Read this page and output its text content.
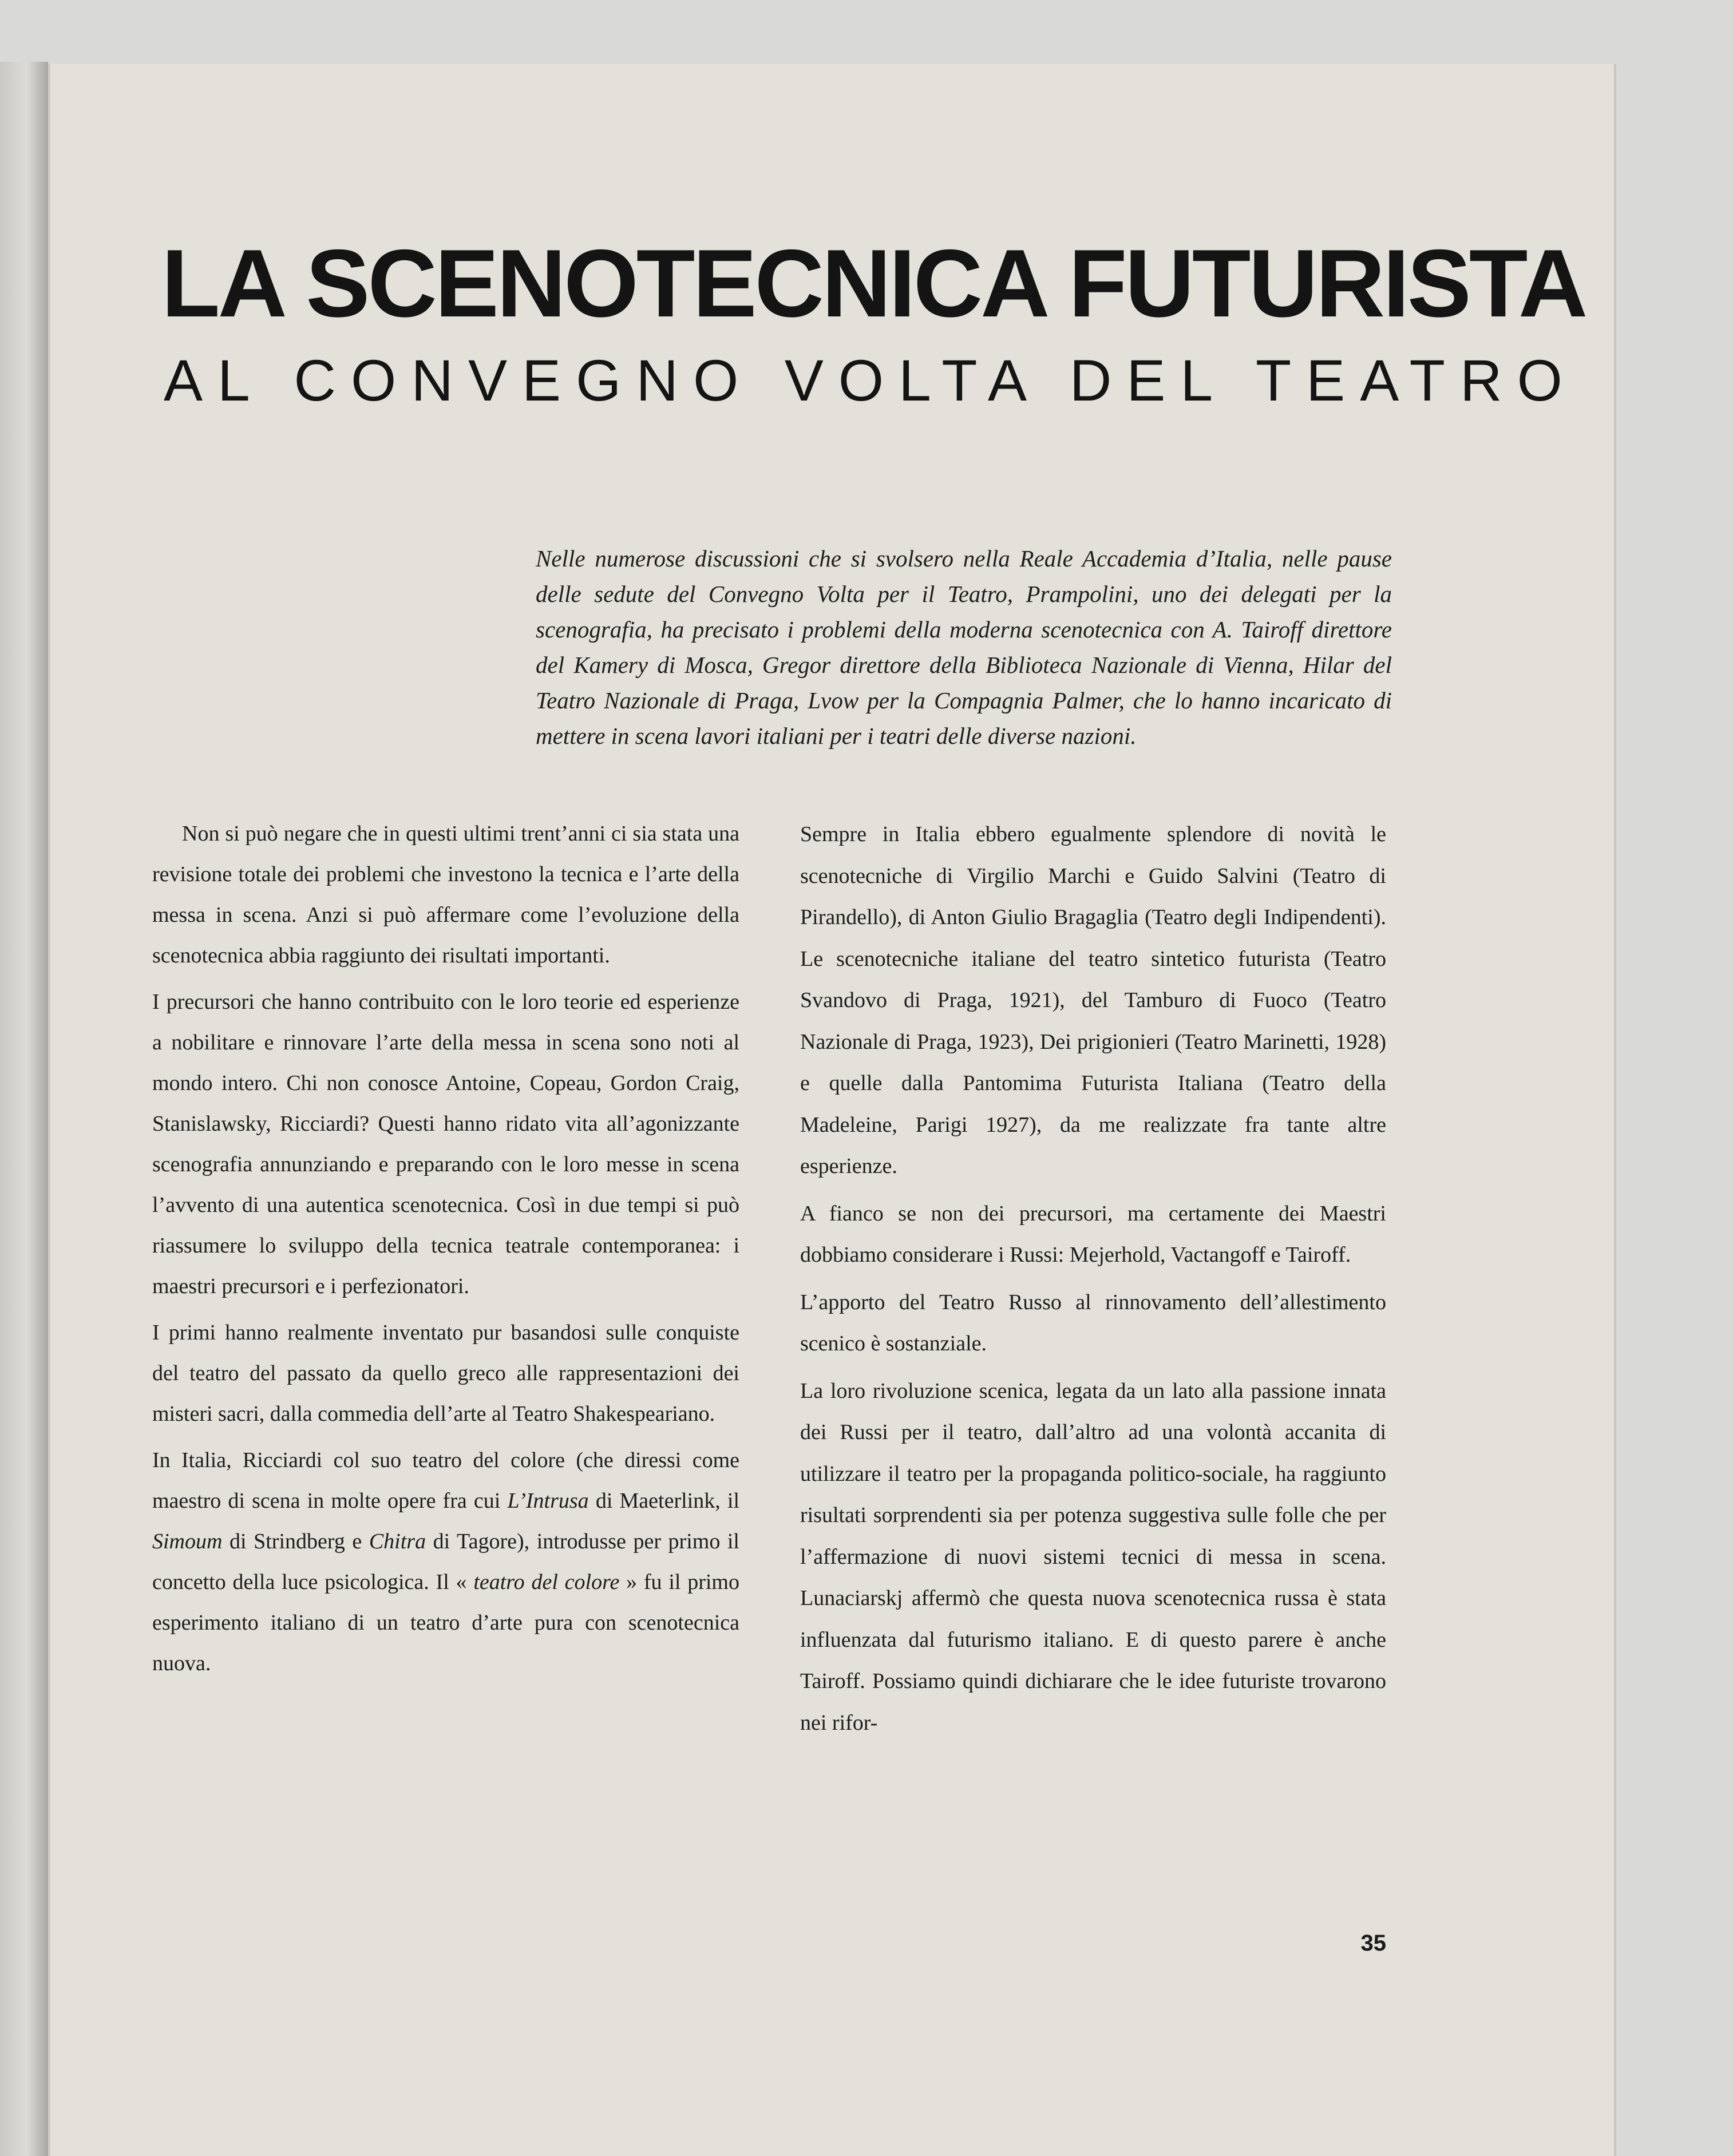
LA SCENOTECNICA FUTURISTA
AL CONVEGNO VOLTA DEL TEATRO
Nelle numerose discussioni che si svolsero nella Reale Accademia d’Italia, nelle pause delle sedute del Convegno Volta per il Teatro, Prampolini, uno dei delegati per la scenografia, ha precisato i problemi della moderna scenotecnica con A. Tairoff direttore del Kamery di Mosca, Gregor direttore della Biblioteca Nazionale di Vienna, Hilar del Teatro Nazionale di Praga, Lvow per la Compagnia Palmer, che lo hanno incaricato di mettere in scena lavori italiani per i teatri delle diverse nazioni.

Non si può negare che in questi ultimi trent’anni ci sia stata una revisione totale dei problemi che investono la tecnica e l’arte della messa in scena. Anzi si può affermare come l’evoluzione della scenotecnica abbia raggiunto dei risultati importanti.

I precursori che hanno contribuito con le loro teorie ed esperienze a nobilitare e rinnovare l’arte della messa in scena sono noti al mondo intero. Chi non conosce Antoine, Copeau, Gordon Craig, Stanislawsky, Ricciardi? Questi hanno ridato vita all’agonizzante scenografia annunziando e preparando con le loro messe in scena l’avvento di una autentica scenotecnica. Così in due tempi si può riassumere lo sviluppo della tecnica teatrale contemporanea: i maestri precursori e i perfezionatori.

I primi hanno realmente inventato pur basandosi sulle conquiste del teatro del passato da quello greco alle rappresentazioni dei misteri sacri, dalla commedia dell’arte al Teatro Shakespeariano.

In Italia, Ricciardi col suo teatro del colore (che diressi come maestro di scena in molte opere fra cui L’Intrusa di Maeterlink, il Simoum di Strindberg e Chitra di Tagore), introdusse per primo il concetto della luce psicologica. Il « teatro del colore » fu il primo esperimento italiano di un teatro d’arte pura con scenotecnica nuova.

Sempre in Italia ebbero egualmente splendore di novità le scenotecniche di Virgilio Marchi e Guido Salvini (Teatro di Pirandello), di Anton Giulio Bragaglia (Teatro degli Indipendenti). Le scenotecniche italiane del teatro sintetico futurista (Teatro Svandovo di Praga, 1921), del Tamburo di Fuoco (Teatro Nazionale di Praga, 1923), Dei prigionieri (Teatro Marinetti, 1928) e quelle dalla Pantomima Futurista Italiana (Teatro della Madeleine, Parigi 1927), da me realizzate fra tante altre esperienze.

A fianco se non dei precursori, ma certamente dei Maestri dobbiamo considerare i Russi: Mejerhold, Vactangoff e Tairoff.

L’apporto del Teatro Russo al rinnovamento dell’allestimento scenico è sostanziale.

La loro rivoluzione scenica, legata da un lato alla passione innata dei Russi per il teatro, dall’altro ad una volontà accanita di utilizzare il teatro per la propaganda politico-sociale, ha raggiunto risultati sorprendenti sia per potenza suggestiva sulle folle che per l’affermazione di nuovi sistemi tecnici di messa in scena. Lunaciarskj affermò che questa nuova scenotecnica russa è stata influenzata dal futurismo italiano. E di questo parere è anche Tairoff. Possiamo quindi dichiarare che le idee futuriste trovarono nei rifor-

35
